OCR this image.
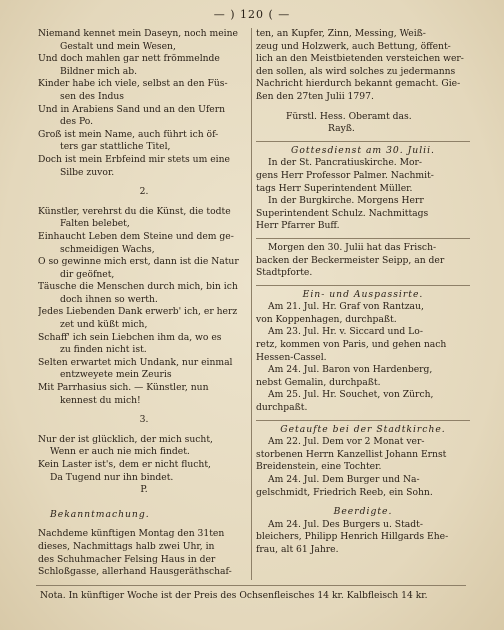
— ) 120 ( —
Niemand kennet mein Daseyn, noch meine
Gestalt und mein Wesen,
Und doch mahlen gar nett frömmelnde
Bildner mich ab.
Kinder habe ich viele, selbst an den Füs-
sen des Indus
Und in Arabiens Sand und an den Ufern
des Po.
Groß ist mein Name, auch führt ich öf-
ters gar stattliche Titel,
Doch ist mein Erbfeind mir stets um eine
Silbe zuvor.
2.
Künstler, verehrst du die Künst, die todte
Falten belebet,
Einhaucht Leben dem Steine und dem ge-
schmeidigen Wachs,
O so gewinne mich erst, dann ist die Natur
dir geöfnet,
Täusche die Menschen durch mich, bin ich
doch ihnen so werth.
Jedes Liebenden Dank erwerb' ich, er herz
zet und küßt mich,
Schaff' ich sein Liebchen ihm da, wo es
zu finden nicht ist.
Selten erwartet mich Undank, nur einmal
entzweyete mein Zeuris
Mit Parrhasius sich. — Künstler, nun
kennest du mich!
3.
Nur der ist glücklich, der mich sucht,
Wenn er auch nie mich findet.
Kein Laster ist's, dem er nicht flucht,
Da Tugend nur ihn bindet.
P.
Bekanntmachung.
Nachdeme künftigen Montag den 31ten
dieses, Nachmittags halb zwei Uhr, in
des Schuhmacher Felsing Haus in der
Schloßgasse, allerhand Hausgeräthschaf-
ten, an Kupfer, Zinn, Messing, Weiß-
zeug und Holzwerk, auch Bettung, öffent-
lich an den Meistbietenden versteichen wer-
den sollen, als wird solches zu jedermanns
Nachricht hierdurch bekannt gemacht. Gie-
ßen den 27ten Julii 1797.
Fürstl. Hess. Oberamt das.
Rayß.
Gottesdienst am 30. Julii.
In der St. Pancratiuskirche. Mor-
gens Herr Professor Palmer. Nachmit-
tags Herr Superintendent Müller.
In der Burgkirche. Morgens Herr
Superintendent Schulz. Nachmittags
Herr Pfarrer Buff.
Morgen den 30. Julii hat das Frisch-
backen der Beckermeister Seipp, an der
Stadtpforte.
Ein- und Auspassirte.
Am 21. Jul. Hr. Graf von Rantzau,
von Koppenhagen, durchpaßt.
Am 23. Jul. Hr. v. Siccard und Lo-
retz, kommen von Paris, und gehen nach
Hessen-Cassel.
Am 24. Jul. Baron von Hardenberg,
nebst Gemalin, durchpaßt.
Am 25. Jul. Hr. Souchet, von Zürch,
durchpaßt.
Getaufte bei der Stadtkirche.
Am 22. Jul. Dem vor 2 Monat ver-
storbenen Herrn Kanzellist Johann Ernst
Breidenstein, eine Tochter.
Am 24. Jul. Dem Burger und Na-
gelschmidt, Friedrich Reeb, ein Sohn.
Beerdigte.
Am 24. Jul. Des Burgers u. Stadt-
bleichers, Philipp Henrich Hillgards Ehe-
frau, alt 61 Jahre.
Nota. In künftiger Woche ist der Preis des Ochsenfleisches 14 kr. Kalbfleisch 14 kr.
